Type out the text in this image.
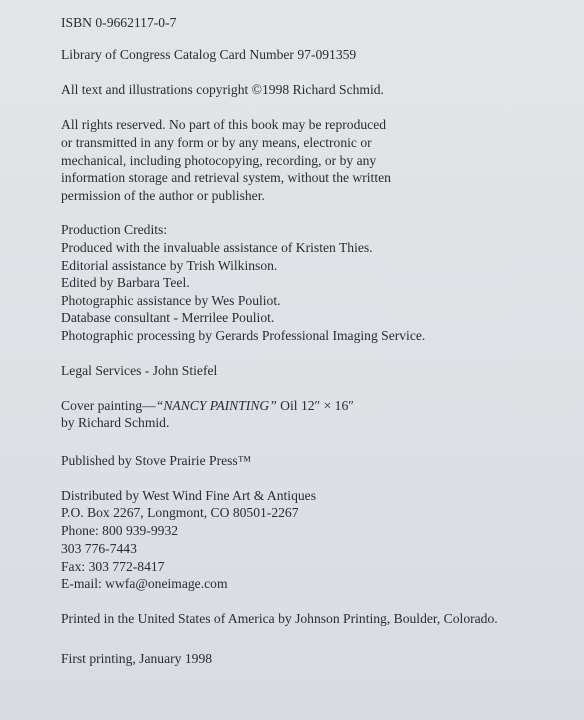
ISBN 0-9662117-0-7
Library of Congress Catalog Card Number 97-091359
All text and illustrations copyright ©1998 Richard Schmid.
All rights reserved. No part of this book may be reproduced
or transmitted in any form or by any means, electronic or
mechanical, including photocopying, recording, or by any
information storage and retrieval system, without the written
permission of the author or publisher.
Production Credits:
Produced with the invaluable assistance of Kristen Thies.
Editorial assistance by Trish Wilkinson.
Edited by Barbara Teel.
Photographic assistance by Wes Pouliot.
Database consultant - Merrilee Pouliot.
Photographic processing by Gerards Professional Imaging Service.
Legal Services - John Stiefel
Cover painting—“NANCY PAINTING” Oil 12″ × 16″
by Richard Schmid.
Published by Stove Prairie Press™
Distributed by West Wind Fine Art & Antiques
P.O. Box 2267, Longmont, CO 80501-2267
Phone: 800 939-9932
303 776-7443
Fax: 303 772-8417
E-mail: wwfa@oneimage.com
Printed in the United States of America by Johnson Printing, Boulder, Colorado.
First printing, January 1998
